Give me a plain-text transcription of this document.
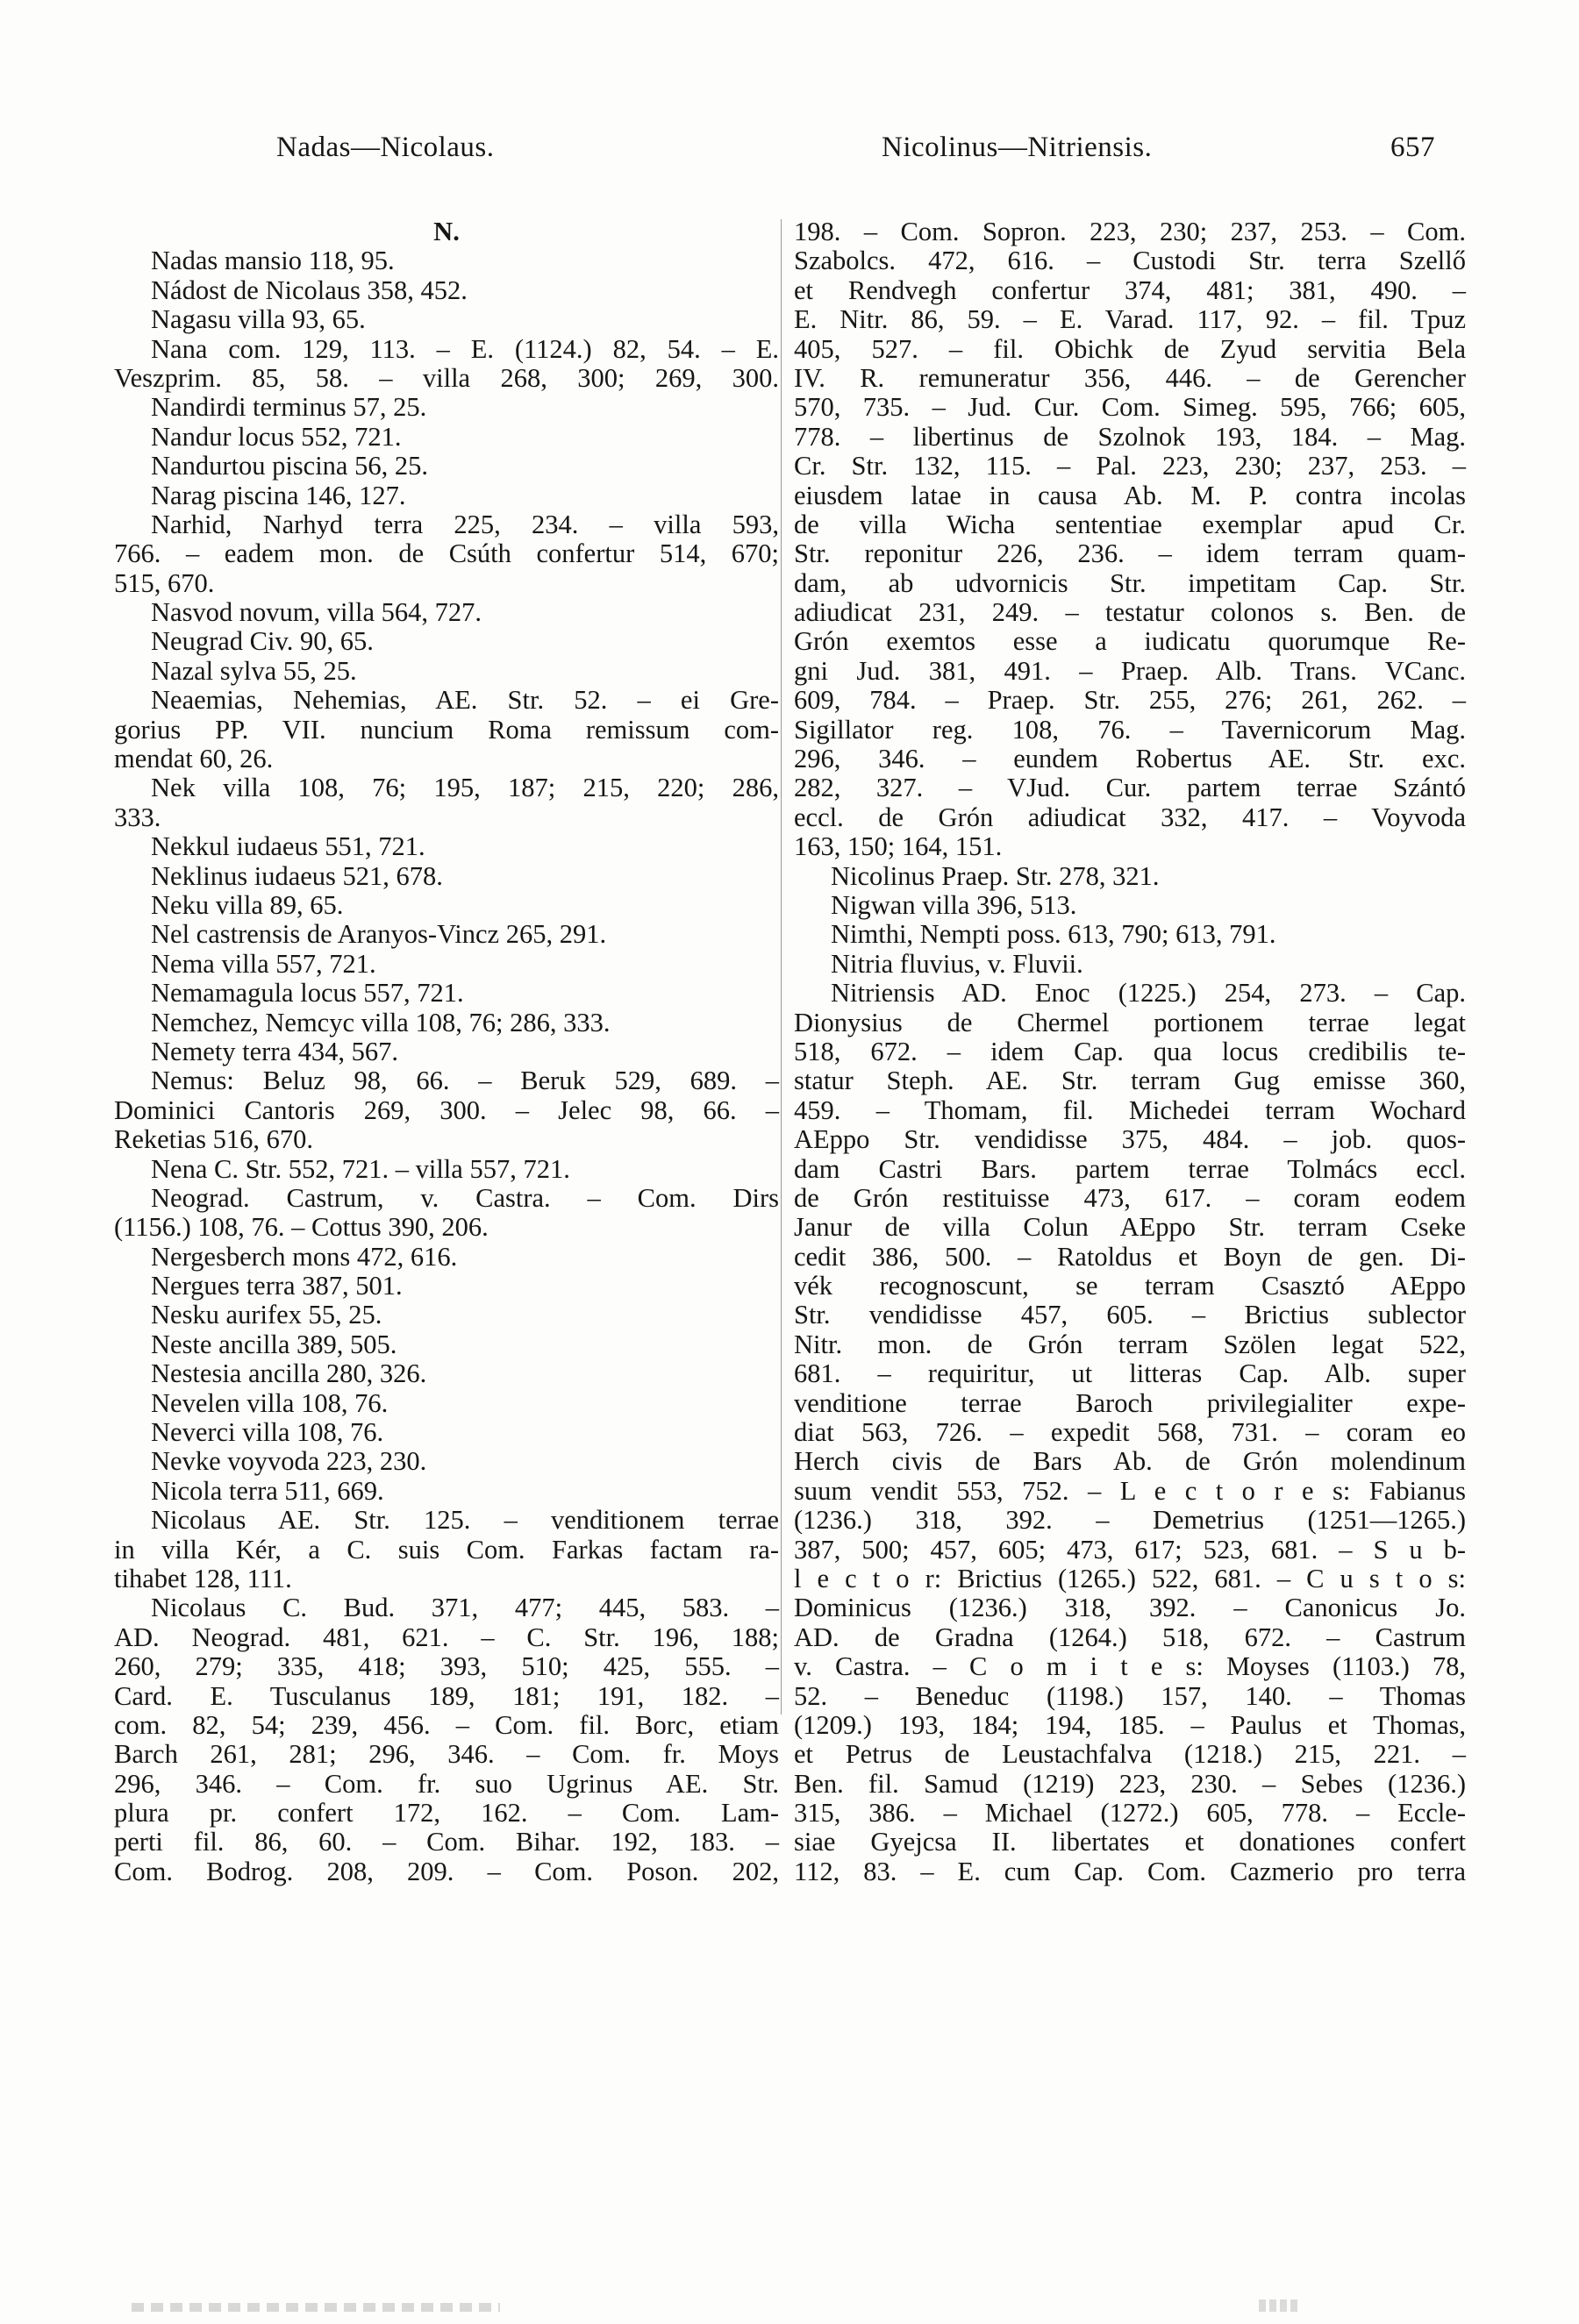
Nadas—Nicolaus.	Nicolinus—Nitriensis.	657
N.
Nadas mansio 118, 95.
Nádost de Nicolaus 358, 452.
Nagasu villa 93, 65.
Nana com. 129, 113. – E. (1124.) 82, 54. – E.
Veszprim. 85, 58. – villa 268, 300; 269, 300.
Nandirdi terminus 57, 25.
Nandur locus 552, 721.
Nandurtou piscina 56, 25.
Narag piscina 146, 127.
Narhid, Narhyd terra 225, 234. – villa 593,
766. – eadem mon. de Csúth confertur 514, 670;
515, 670.
Nasvod novum, villa 564, 727.
Neugrad Civ. 90, 65.
Nazal sylva 55, 25.
Neaemias, Nehemias, AE. Str. 52. – ei Gre-
gorius PP. VII. nuncium Roma remissum com-
mendat 60, 26.
Nek villa 108, 76; 195, 187; 215, 220; 286,
333.
Nekkul iudaeus 551, 721.
Neklinus iudaeus 521, 678.
Neku villa 89, 65.
Nel castrensis de Aranyos-Vincz 265, 291.
Nema villa 557, 721.
Nemamagula locus 557, 721.
Nemchez, Nemcyc villa 108, 76; 286, 333.
Nemety terra 434, 567.
Nemus: Beluz 98, 66. – Beruk 529, 689. –
Dominici Cantoris 269, 300. – Jelec 98, 66. –
Reketias 516, 670.
Nena C. Str. 552, 721. – villa 557, 721.
Neograd. Castrum, v. Castra. – Com. Dirs
(1156.) 108, 76. – Cottus 390, 206.
Nergesberch mons 472, 616.
Nergues terra 387, 501.
Nesku aurifex 55, 25.
Neste ancilla 389, 505.
Nestesia ancilla 280, 326.
Nevelen villa 108, 76.
Neverci villa 108, 76.
Nevke voyvoda 223, 230.
Nicola terra 511, 669.
Nicolaus AE. Str. 125. – venditionem terrae
in villa Kér, a C. suis Com. Farkas factam ra-
tihabet 128, 111.
Nicolaus C. Bud. 371, 477; 445, 583. –
AD. Neograd. 481, 621. – C. Str. 196, 188;
260, 279; 335, 418; 393, 510; 425, 555. –
Card. E. Tusculanus 189, 181; 191, 182. –
com. 82, 54; 239, 456. – Com. fil. Borc, etiam
Barch 261, 281; 296, 346. – Com. fr. Moys
296, 346. – Com. fr. suo Ugrinus AE. Str.
plura pr. confert 172, 162. – Com. Lam-
perti fil. 86, 60. – Com. Bihar. 192, 183. –
Com. Bodrog. 208, 209. – Com. Poson. 202,
198. – Com. Sopron. 223, 230; 237, 253. – Com.
Szabolcs. 472, 616. – Custodi Str. terra Szellő
et Rendvegh confertur 374, 481; 381, 490. –
E. Nitr. 86, 59. – E. Varad. 117, 92. – fil. Tpuz
405, 527. – fil. Obichk de Zyud servitia Bela
IV. R. remuneratur 356, 446. – de Gerencher
570, 735. – Jud. Cur. Com. Simeg. 595, 766; 605,
778. – libertinus de Szolnok 193, 184. – Mag.
Cr. Str. 132, 115. – Pal. 223, 230; 237, 253. –
eiusdem latae in causa Ab. M. P. contra incolas
de villa Wicha sententiae exemplar apud Cr.
Str. reponitur 226, 236. – idem terram quam-
dam, ab udvornicis Str. impetitam Cap. Str.
adiudicat 231, 249. – testatur colonos s. Ben. de
Grón exemtos esse a iudicatu quorumque Re-
gni Jud. 381, 491. – Praep. Alb. Trans. VCanc.
609, 784. – Praep. Str. 255, 276; 261, 262. –
Sigillator reg. 108, 76. – Tavernicorum Mag.
296, 346. – eundem Robertus AE. Str. exc.
282, 327. – VJud. Cur. partem terrae Szántó
eccl. de Grón adiudicat 332, 417. – Voyvoda
163, 150; 164, 151.
Nicolinus Praep. Str. 278, 321.
Nigwan villa 396, 513.
Nimthi, Nempti poss. 613, 790; 613, 791.
Nitria fluvius, v. Fluvii.
Nitriensis AD. Enoc (1225.) 254, 273. – Cap.
Dionysius de Chermel portionem terrae legat
518, 672. – idem Cap. qua locus credibilis te-
statur Steph. AE. Str. terram Gug emisse 360,
459. – Thomam, fil. Michedei terram Wochard
AEppo Str. vendidisse 375, 484. – job. quos-
dam Castri Bars. partem terrae Tolmács eccl.
de Grón restituisse 473, 617. – coram eodem
Janur de villa Colun AEppo Str. terram Cseke
cedit 386, 500. – Ratoldus et Boyn de gen. Di-
vék recognoscunt, se terram Csasztó AEppo
Str. vendidisse 457, 605. – Brictius sublector
Nitr. mon. de Grón terram Szölen legat 522,
681. – requiritur, ut litteras Cap. Alb. super
venditione terrae Baroch privilegialiter expe-
diat 563, 726. – expedit 568, 731. – coram eo
Herch civis de Bars Ab. de Grón molendinum
suum vendit 553, 752. – L e c t o r e s: Fabianus
(1236.) 318, 392. – Demetrius (1251—1265.)
387, 500; 457, 605; 473, 617; 523, 681. – S u b-
l e c t o r: Brictius (1265.) 522, 681. – C u s t o s:
Dominicus (1236.) 318, 392. – Canonicus Jo.
AD. de Gradna (1264.) 518, 672. – Castrum
v. Castra. – C o m i t e s: Moyses (1103.) 78,
52. – Beneduc (1198.) 157, 140. – Thomas
(1209.) 193, 184; 194, 185. – Paulus et Thomas,
et Petrus de Leustachfalva (1218.) 215, 221. –
Ben. fil. Samud (1219) 223, 230. – Sebes (1236.)
315, 386. – Michael (1272.) 605, 778. – Eccle-
siae Gyejcsa II. libertates et donationes confert
112, 83. – E. cum Cap. Com. Cazmerio pro terra
